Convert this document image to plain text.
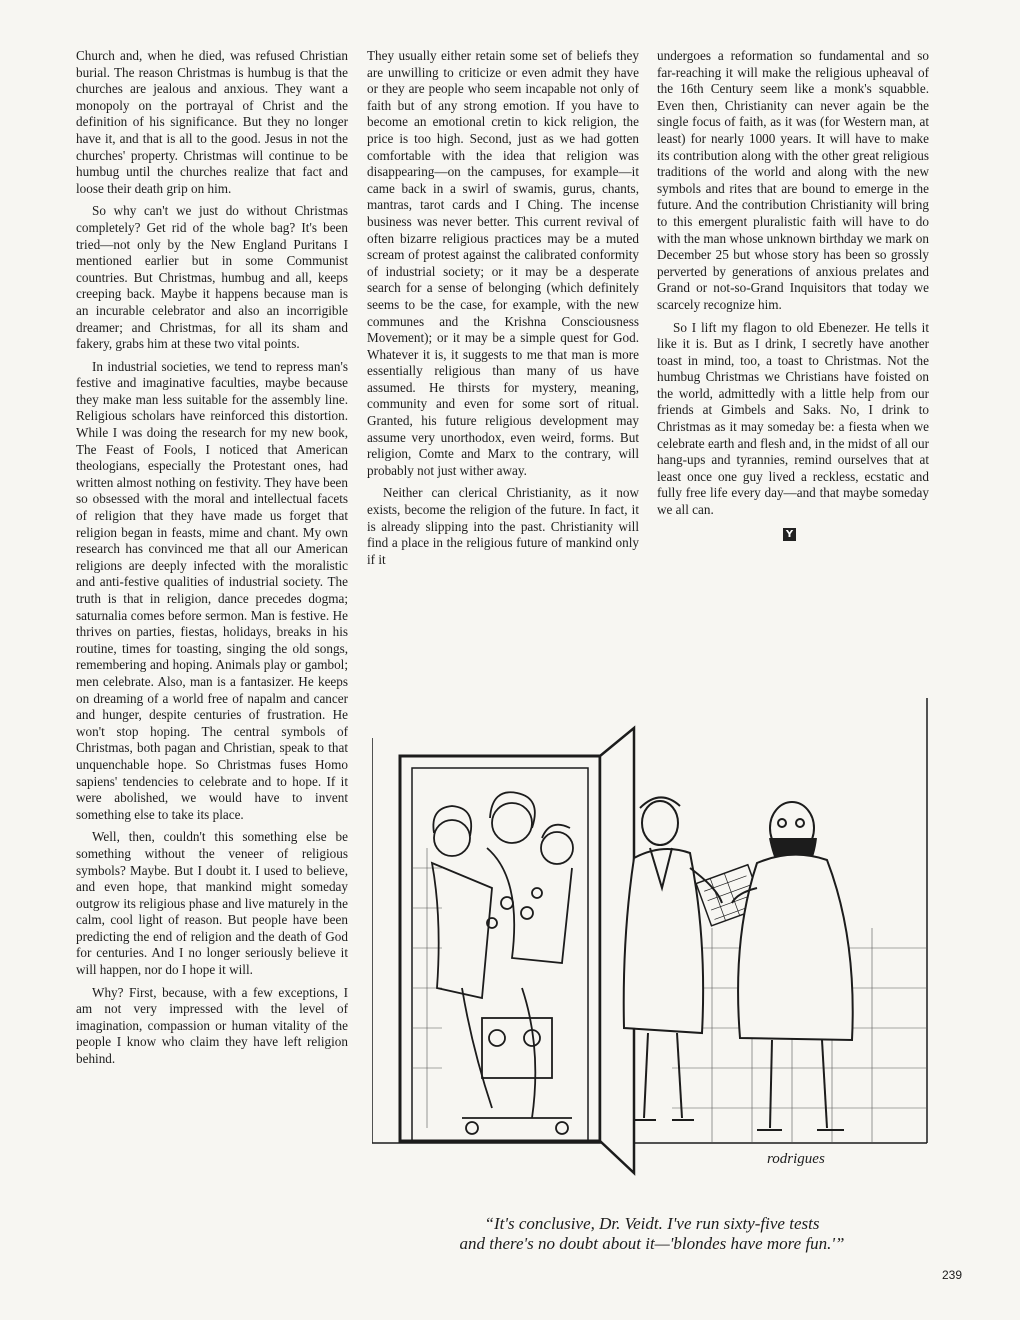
Church and, when he died, was refused Christian burial. The reason Christmas is humbug is that the churches are jealous and anxious. They want a monopoly on the portrayal of Christ and the definition of his significance. But they no longer have it, and that is all to the good. Jesus in not the churches' property. Christmas will continue to be humbug until the churches realize that fact and loose their death grip on him.

So why can't we just do without Christmas completely? Get rid of the whole bag? It's been tried—not only by the New England Puritans I mentioned earlier but in some Communist countries. But Christmas, humbug and all, keeps creeping back. Maybe it happens because man is an incurable celebrator and also an incorrigible dreamer; and Christmas, for all its sham and fakery, grabs him at these two vital points.

In industrial societies, we tend to repress man's festive and imaginative faculties, maybe because they make man less suitable for the assembly line. Religious scholars have reinforced this distortion. While I was doing the research for my new book, The Feast of Fools, I noticed that American theologians, especially the Protestant ones, had written almost nothing on festivity. They have been so obsessed with the moral and intellectual facets of religion that they have made us forget that religion began in feasts, mime and chant. My own research has convinced me that all our American religions are deeply infected with the moralistic and anti-festive qualities of industrial society. The truth is that in religion, dance precedes dogma; saturnalia comes before sermon. Man is festive. He thrives on parties, fiestas, holidays, breaks in his routine, times for toasting, singing the old songs, remembering and hoping. Animals play or gambol; men celebrate. Also, man is a fantasizer. He keeps on dreaming of a world free of napalm and cancer and hunger, despite centuries of frustration. He won't stop hoping. The central symbols of Christmas, both pagan and Christian, speak to that unquenchable hope. So Christmas fuses Homo sapiens' tendencies to celebrate and to hope. If it were abolished, we would have to invent something else to take its place.

Well, then, couldn't this something else be something without the veneer of religious symbols? Maybe. But I doubt it. I used to believe, and even hope, that mankind might someday outgrow its religious phase and live maturely in the calm, cool light of reason. But people have been predicting the end of religion and the death of God for centuries. And I no longer seriously believe it will happen, nor do I hope it will.

Why? First, because, with a few exceptions, I am not very impressed with the level of imagination, compassion or human vitality of the people I know who claim they have left religion behind.

They usually either retain some set of beliefs they are unwilling to criticize or even admit they have or they are people who seem incapable not only of faith but of any strong emotion. If you have to become an emotional cretin to kick religion, the price is too high. Second, just as we had gotten comfortable with the idea that religion was disappearing—on the campuses, for example—it came back in a swirl of swamis, gurus, chants, mantras, tarot cards and I Ching. The incense business was never better. This current revival of often bizarre religious practices may be a muted scream of protest against the calibrated conformity of industrial society; or it may be a desperate search for a sense of belonging (which definitely seems to be the case, for example, with the new communes and the Krishna Consciousness Movement); or it may be a simple quest for God. Whatever it is, it suggests to me that man is more essentially religious than many of us have assumed. He thirsts for mystery, meaning, community and even for some sort of ritual. Granted, his future religious development may assume very unorthodox, even weird, forms. But religion, Comte and Marx to the contrary, will probably not just wither away.

Neither can clerical Christianity, as it now exists, become the religion of the future. In fact, it is already slipping into the past. Christianity will find a place in the religious future of mankind only if it

undergoes a reformation so fundamental and so far-reaching it will make the religious upheaval of the 16th Century seem like a monk's squabble. Even then, Christianity can never again be the single focus of faith, as it was (for Western man, at least) for nearly 1000 years. It will have to make its contribution along with the other great religious traditions of the world and along with the new symbols and rites that are bound to emerge in the future. And the contribution Christianity will bring to this emergent pluralistic faith will have to do with the man whose unknown birthday we mark on December 25 but whose story has been so grossly perverted by generations of anxious prelates and Grand or not-so-Grand Inquisitors that today we scarcely recognize him.

So I lift my flagon to old Ebenezer. He tells it like it is. But as I drink, I secretly have another toast in mind, too, a toast to Christmas. Not the humbug Christmas we Christians have foisted on the world, admittedly with a little help from our friends at Gimbels and Saks. No, I drink to Christmas as it may someday be: a fiesta when we celebrate earth and flesh and, in the midst of all our hang-ups and tyrannies, remind ourselves that at least once one guy lived a reckless, ecstatic and fully free life every day—and that maybe someday we all can.

Y
rodrigues
“It's conclusive, Dr. Veidt. I've run sixty-five tests
and there's no doubt about it—'blondes have more fun.'”
239
